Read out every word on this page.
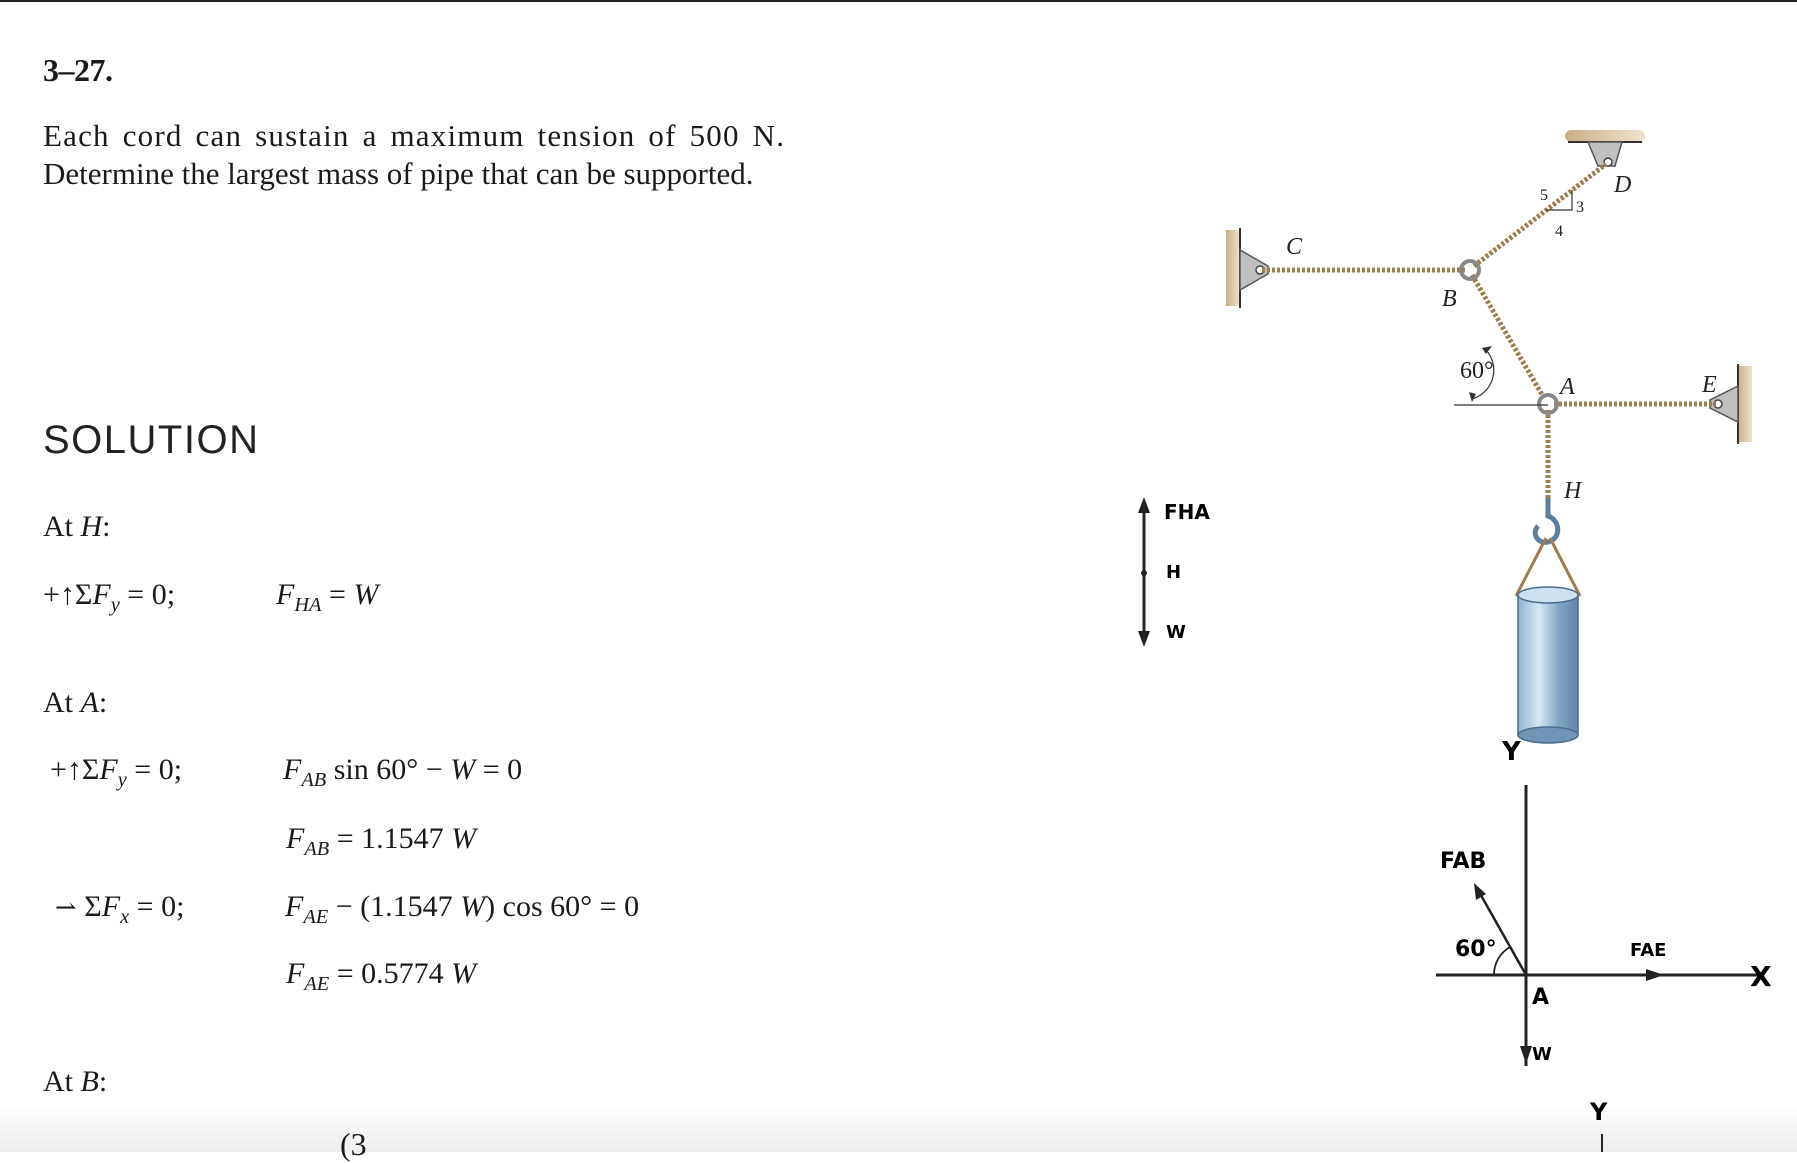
3–27.
Each cord can sustain a maximum tension of 500 N.
Determine the largest mass of pipe that can be supported.
SOLUTION
At H:
$+↑\Sigma F_y = 0$;	$F_{HA} = W$
At A:
$+↑\Sigma F_y = 0$;	$F_{AB}$ sin 60° − W = 0
$F_{AB} = 1.1547$ W
⇀ $\Sigma F_x = 0$;	$F_{AE} - (1.1547$ W) cos 60° = 0
$F_{AE} = 0.5774$ W
At B:
(3
C
B
D
A	E
H
60°
5
3
4
FHA
H
W
Y
X
FAB
FAE
60°
A
W
Y
